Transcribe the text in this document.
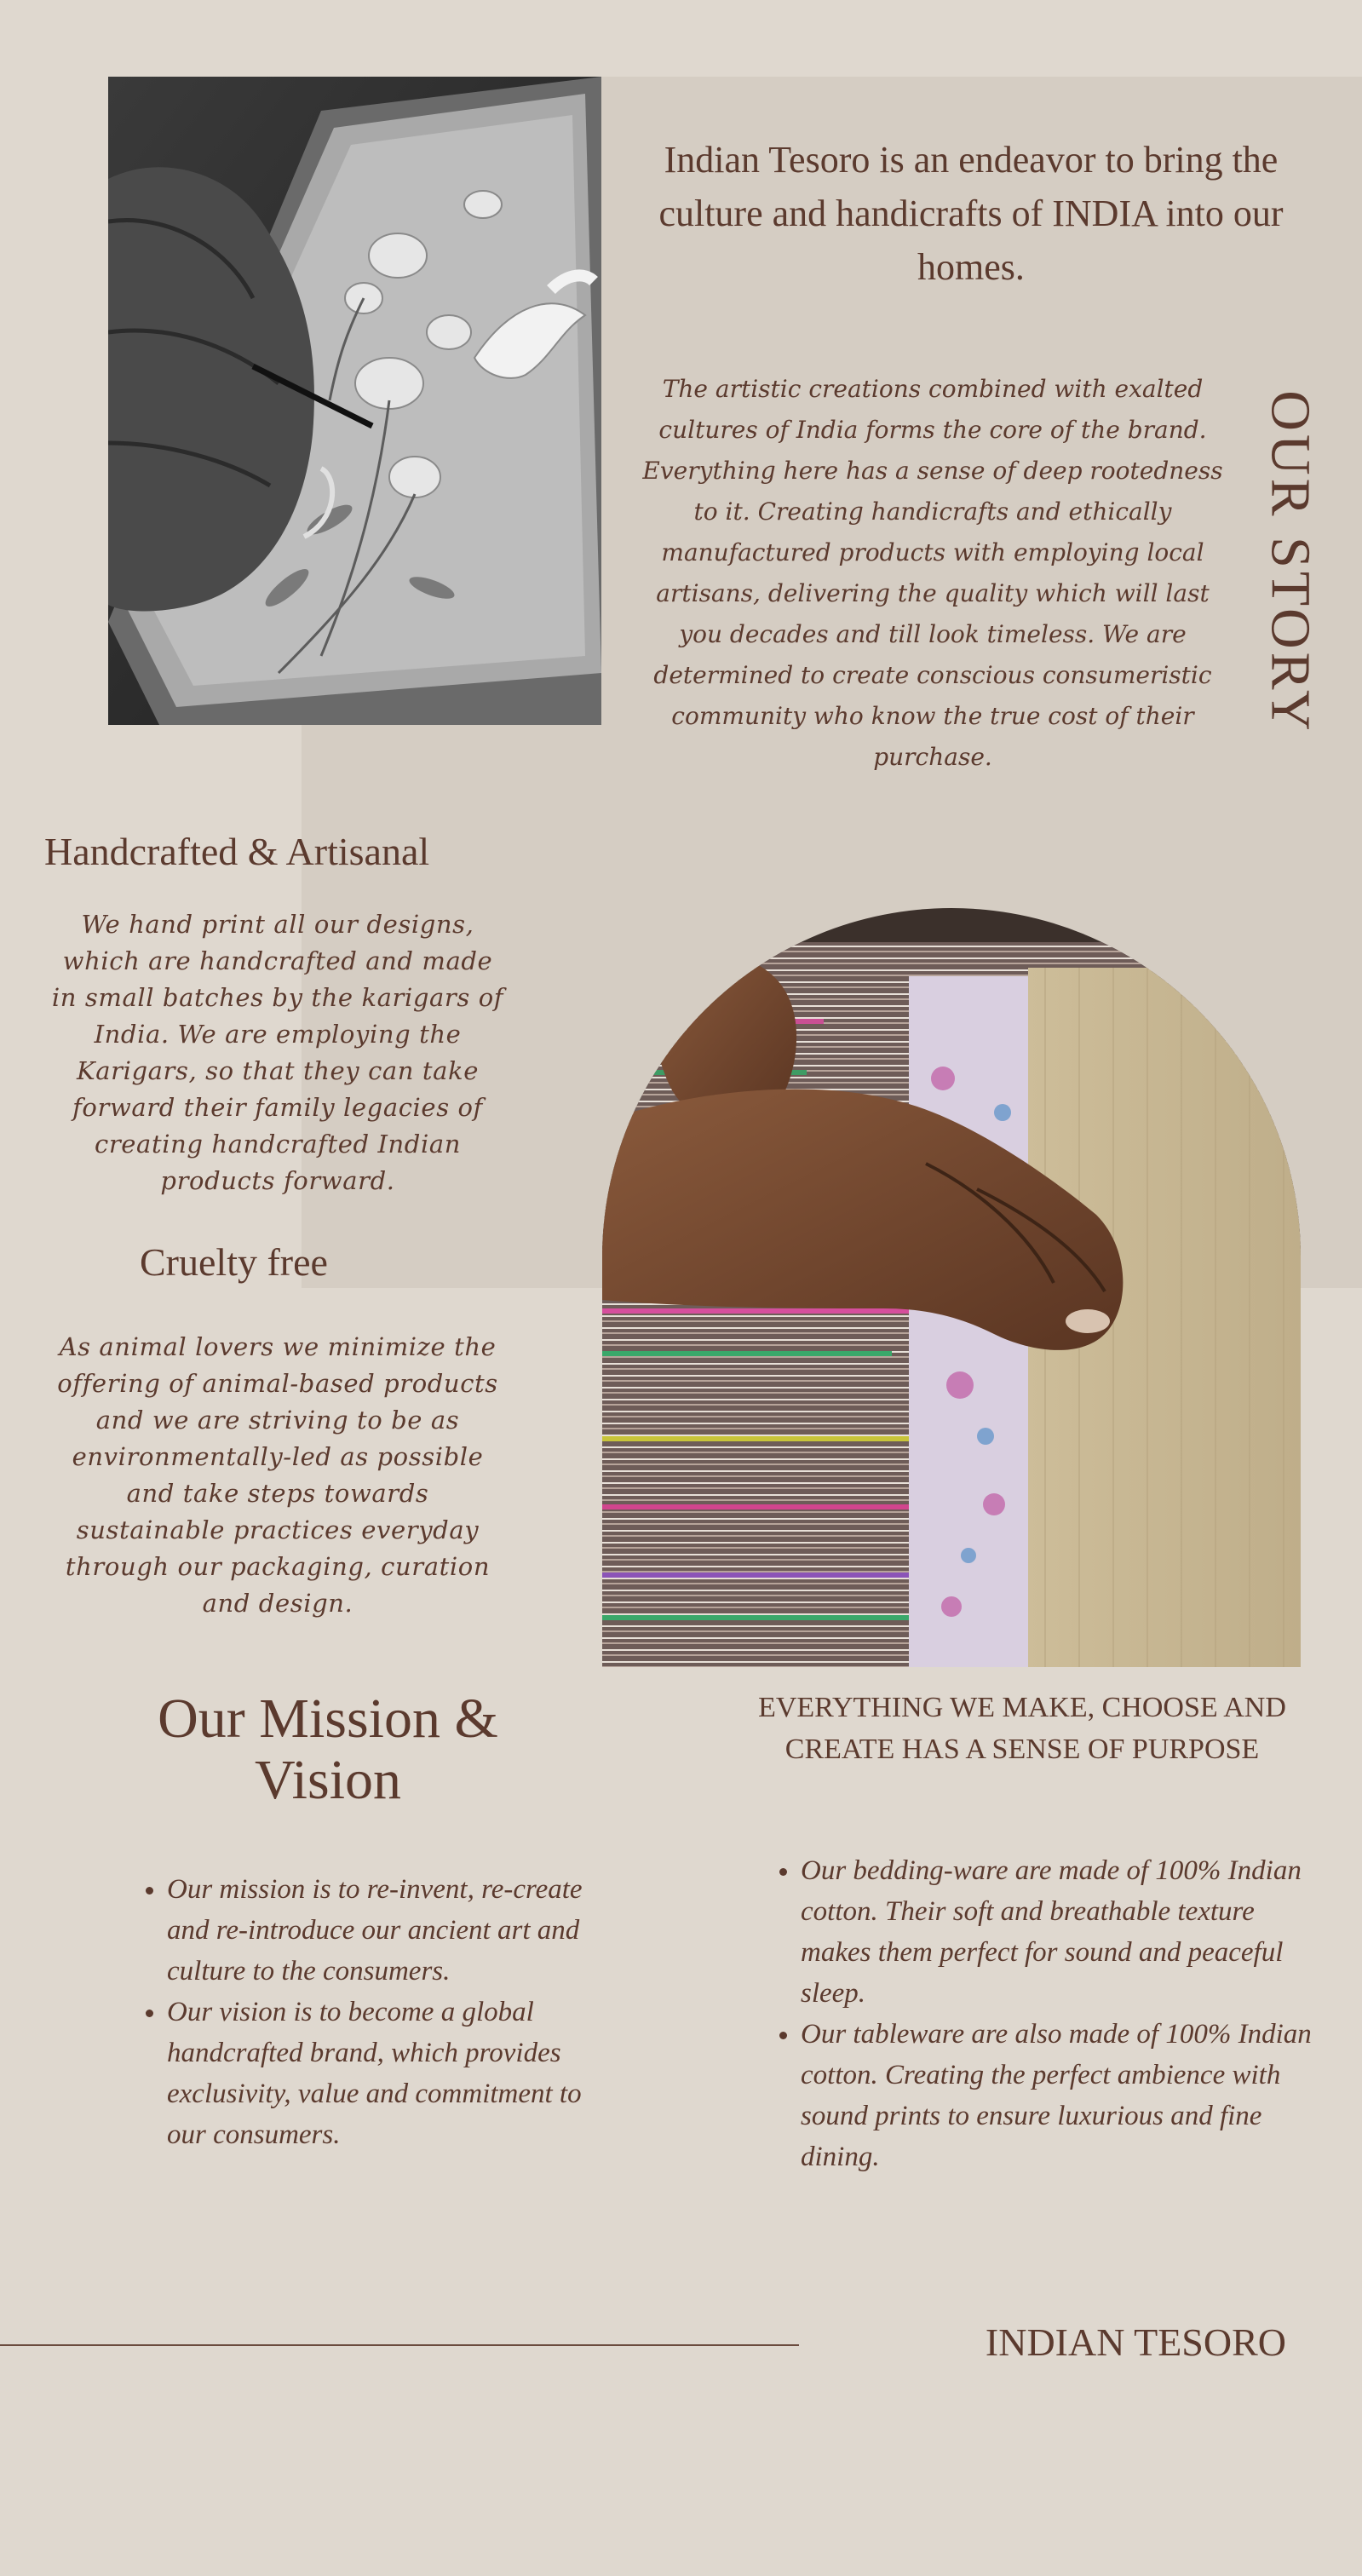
Indian Tesoro is an endeavor to bring the culture and handicrafts of INDIA into our homes.

The artistic creations combined with exalted cultures of India forms the core of the brand. Everything here has a sense of deep rootedness to it. Creating handicrafts and ethically manufactured products with employing local artisans, delivering the quality which will last you decades and till look timeless. We are determined to create conscious consumeristic community who know the true cost of their purchase.

OUR STORY
Handcrafted & Artisanal

We hand print all our designs, which are handcrafted and made in small batches by the karigars of India. We are employing the Karigars, so that they can take forward their family legacies of creating handcrafted Indian products forward.

Cruelty free

As animal lovers we minimize the offering of animal-based products and we are striving to be as environmentally-led as possible and take steps towards sustainable practices everyday through our packaging, curation and design.

Our Mission & Vision
• Our mission is to re-invent, re-create and re-introduce our ancient art and culture to the consumers.
• Our vision is to become a global handcrafted brand, which provides exclusivity, value and commitment to our consumers.
EVERYTHING WE MAKE, CHOOSE AND CREATE HAS A SENSE OF PURPOSE
• Our bedding-ware are made of 100% Indian cotton. Their soft and breathable texture makes them perfect for sound and peaceful sleep.
• Our tableware are also made of 100% Indian cotton. Creating the perfect ambience with sound prints to ensure luxurious and fine dining.

INDIAN TESORO
